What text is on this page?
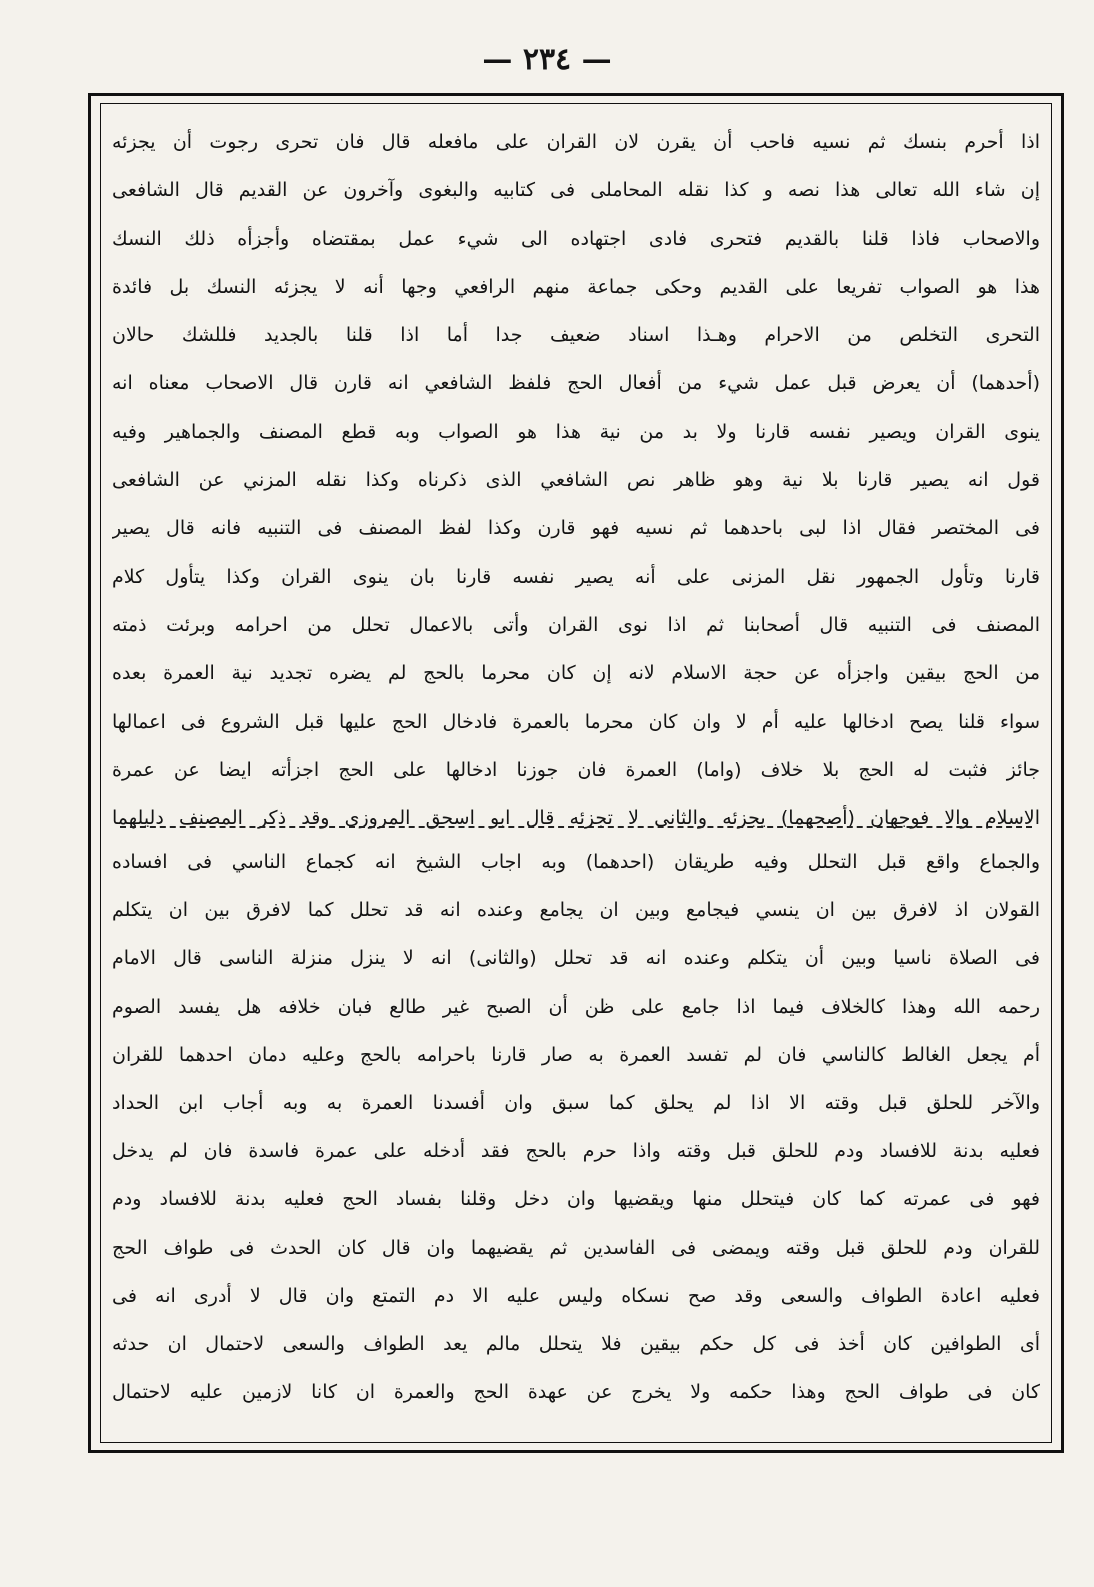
— ٢٣٤ —
اذا أحرم بنسك ثم نسيه فاحب أن يقرن لان القران على مافعله قال فان تحرى رجوت أن يجزئه
إن شاء الله تعالى هذا نصه و كذا نقله المحاملى فى كتابيه والبغوى وآخرون عن القديم قال الشافعى
والاصحاب فاذا قلنا بالقديم فتحرى فادى اجتهاده الى شيء عمل بمقتضاه وأجزأه ذلك النسك
هذا هو الصواب تفريعا على القديم وحكى جماعة منهم الرافعي وجها أنه لا يجزئه النسك بل فائدة
التحرى التخلص من الاحرام وهـذا اسناد ضعيف جدا أما اذا قلنا بالجديد فللشك حالان
(أحدهما) أن يعرض قبل عمل شيء من أفعال الحج فلفظ الشافعي انه قارن قال الاصحاب معناه انه
ينوى القران ويصير نفسه قارنا ولا بد من نية هذا هو الصواب وبه قطع المصنف والجماهير وفيه
قول انه يصير قارنا بلا نية وهو ظاهر نص الشافعي الذى ذكرناه وكذا نقله المزني عن الشافعى
فى المختصر فقال اذا لبى باحدهما ثم نسيه فهو قارن وكذا لفظ المصنف فى التنبيه فانه قال يصير
قارنا وتأول الجمهور نقل المزنى على أنه يصير نفسه قارنا بان ينوى القران وكذا يتأول كلام
المصنف فى التنبيه قال أصحابنا ثم اذا نوى القران وأتى بالاعمال تحلل من احرامه وبرئت ذمته
من الحج بيقين واجزأه عن حجة الاسلام لانه إن كان محرما بالحج لم يضره تجديد نية العمرة بعده
سواء قلنا يصح ادخالها عليه أم لا وان كان محرما بالعمرة فادخال الحج عليها قبل الشروع فى اعمالها
جائز فثبت له الحج بلا خلاف (واما) العمرة فان جوزنا ادخالها على الحج اجزأته ايضا عن عمرة
الاسلام والا فوجهان (أصحهما) يجزئه والثانى لا تجزئه قال ابو اسحق المروزى وقد ذكر المصنف دليلهما
والجماع واقع قبل التحلل وفيه طريقان (احدهما) وبه اجاب الشيخ انه كجماع الناسي فى افساده
القولان اذ لافرق بين ان ينسي فيجامع وبين ان يجامع وعنده انه قد تحلل كما لافرق بين ان يتكلم
فى الصلاة ناسيا وبين أن يتكلم وعنده انه قد تحلل (والثانى) انه لا ينزل منزلة الناسى قال الامام
رحمه الله وهذا كالخلاف فيما اذا جامع على ظن أن الصبح غير طالع فبان خلافه هل يفسد الصوم
أم يجعل الغالط كالناسي فان لم تفسد العمرة به صار قارنا باحرامه بالحج وعليه دمان احدهما للقران
والآخر للحلق قبل وقته الا اذا لم يحلق كما سبق وان أفسدنا العمرة به وبه أجاب ابن الحداد
فعليه بدنة للافساد ودم للحلق قبل وقته واذا حرم بالحج فقد أدخله على عمرة فاسدة فان لم يدخل
فهو فى عمرته كما كان فيتحلل منها ويقضيها وان دخل وقلنا بفساد الحج فعليه بدنة للافساد ودم
للقران ودم للحلق قبل وقته ويمضى فى الفاسدين ثم يقضيهما وان قال كان الحدث فى طواف الحج
فعليه اعادة الطواف والسعى وقد صح نسكاه وليس عليه الا دم التمتع وان قال لا أدرى انه فى
أى الطوافين كان أخذ فى كل حكم بيقين فلا يتحلل مالم يعد الطواف والسعى لاحتمال ان حدثه
كان فى طواف الحج وهذا حكمه ولا يخرج عن عهدة الحج والعمرة ان كانا لازمين عليه لاحتمال
